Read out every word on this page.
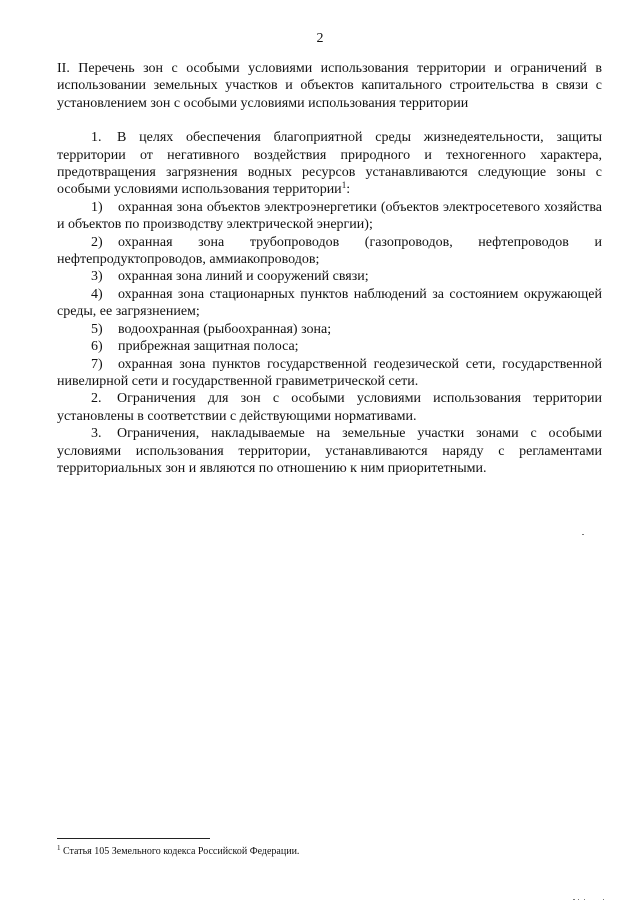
2

II. Перечень зон с особыми условиями использования территории и ограничений в использовании земельных участков и объектов капитального строительства в связи с установлением зон с особыми условиями использования территории

1. В целях обеспечения благоприятной среды жизнедеятельности, защиты территории от негативного воздействия природного и техногенного характера, предотвращения загрязнения водных ресурсов устанавливаются следующие зоны с особыми условиями использования территории$^1$:

1) охранная зона объектов электроэнергетики (объектов электросетевого хозяйства и объектов по производству электрической энергии);

2) охранная зона трубопроводов (газопроводов, нефтепроводов и нефтепродуктопроводов, аммиакопроводов;

3) охранная зона линий и сооружений связи;

4) охранная зона стационарных пунктов наблюдений за состоянием окружающей среды, ее загрязнением;

5) водоохранная (рыбоохранная) зона;

6) прибрежная защитная полоса;

7) охранная зона пунктов государственной геодезической сети, государственной нивелирной сети и государственной гравиметрической сети.

2. Ограничения для зон с особыми условиями использования территории установлены в соответствии с действующими нормативами.

3. Ограничения, накладываемые на земельные участки зонами с особыми условиями использования территории, устанавливаются наряду с регламентами территориальных зон и являются по отношению к ним приоритетными.

$^1$ Статья 105 Земельного кодекса Российской Федерации.
